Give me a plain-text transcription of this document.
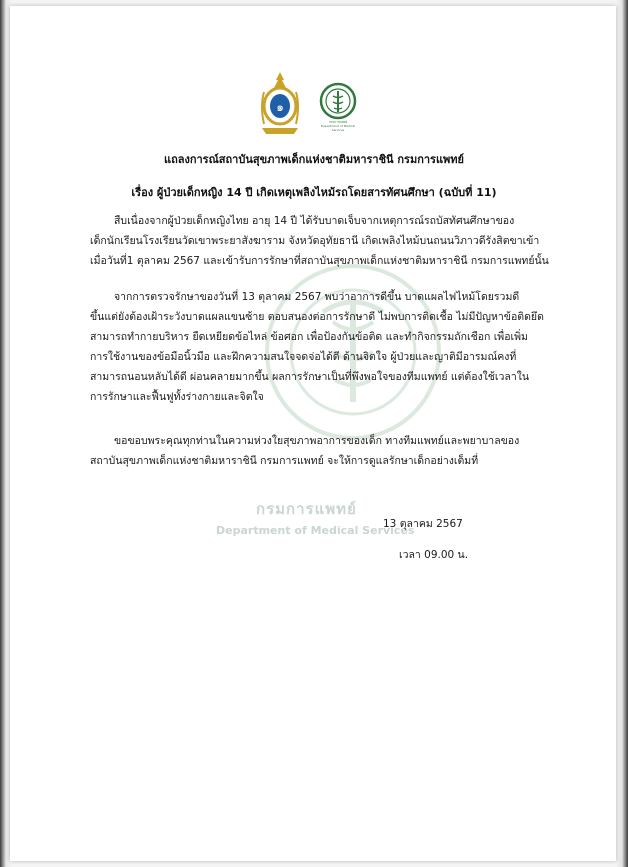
๑
กรมการแพทย์
Department of Medical Services
แถลงการณ์สถาบันสุขภาพเด็กแห่งชาติมหาราชินี กรมการแพทย์
เรื่อง ผู้ป่วยเด็กหญิง 14 ปี เกิดเหตุเพลิงไหม้รถโดยสารทัศนศึกษา (ฉบับที่ 11)
สืบเนื่องจากผู้ป่วยเด็กหญิงไทย อายุ 14 ปี ได้รับบาดเจ็บจากเหตุการณ์รถบัสทัศนศึกษาของ
เด็กนักเรียนโรงเรียนวัดเขาพระยาสังฆาราม จังหวัดอุทัยธานี เกิดเพลิงไหม้บนถนนวิภาวดีรังสิตขาเข้า
เมื่อวันที่1 ตุลาคม 2567 และเข้ารับการรักษาที่สถาบันสุขภาพเด็กแห่งชาติมหาราชินี กรมการแพทย์นั้น
จากการตรวจรักษาของวันที่ 13 ตุลาคม 2567 พบว่าอาการดีขึ้น บาดแผลไฟไหม้โดยรวมดี
ขึ้นแต่ยังต้องเฝ้าระวังบาดแผลแขนซ้าย ตอบสนองต่อการรักษาดี ไม่พบการติดเชื้อ ไม่มีปัญหาข้อติดยึด
สามารถทำกายบริหาร ยืดเหยียดข้อไหล่ ข้อศอก เพื่อป้องกันข้อติด และทำกิจกรรมถักเชือก เพื่อเพิ่ม
การใช้งานของข้อมือนิ้วมือ และฝึกความสนใจจดจ่อได้ดี ด้านจิตใจ ผู้ป่วยและญาติมีอารมณ์คงที่
สามารถนอนหลับได้ดี ผ่อนคลายมากขึ้น ผลการรักษาเป็นที่พึงพอใจของทีมแพทย์ แต่ต้องใช้เวลาใน
การรักษาและฟื้นฟูทั้งร่างกายและจิตใจ
ขอขอบพระคุณทุกท่านในความห่วงใยสุขภาพอาการของเด็ก ทางทีมแพทย์และพยาบาลของ
สถาบันสุขภาพเด็กแห่งชาติมหาราชินี กรมการแพทย์ จะให้การดูแลรักษาเด็กอย่างเต็มที่
กรมการแพทย์
Department of Medical Services
13 ตุลาคม 2567
เวลา 09.00 น.
